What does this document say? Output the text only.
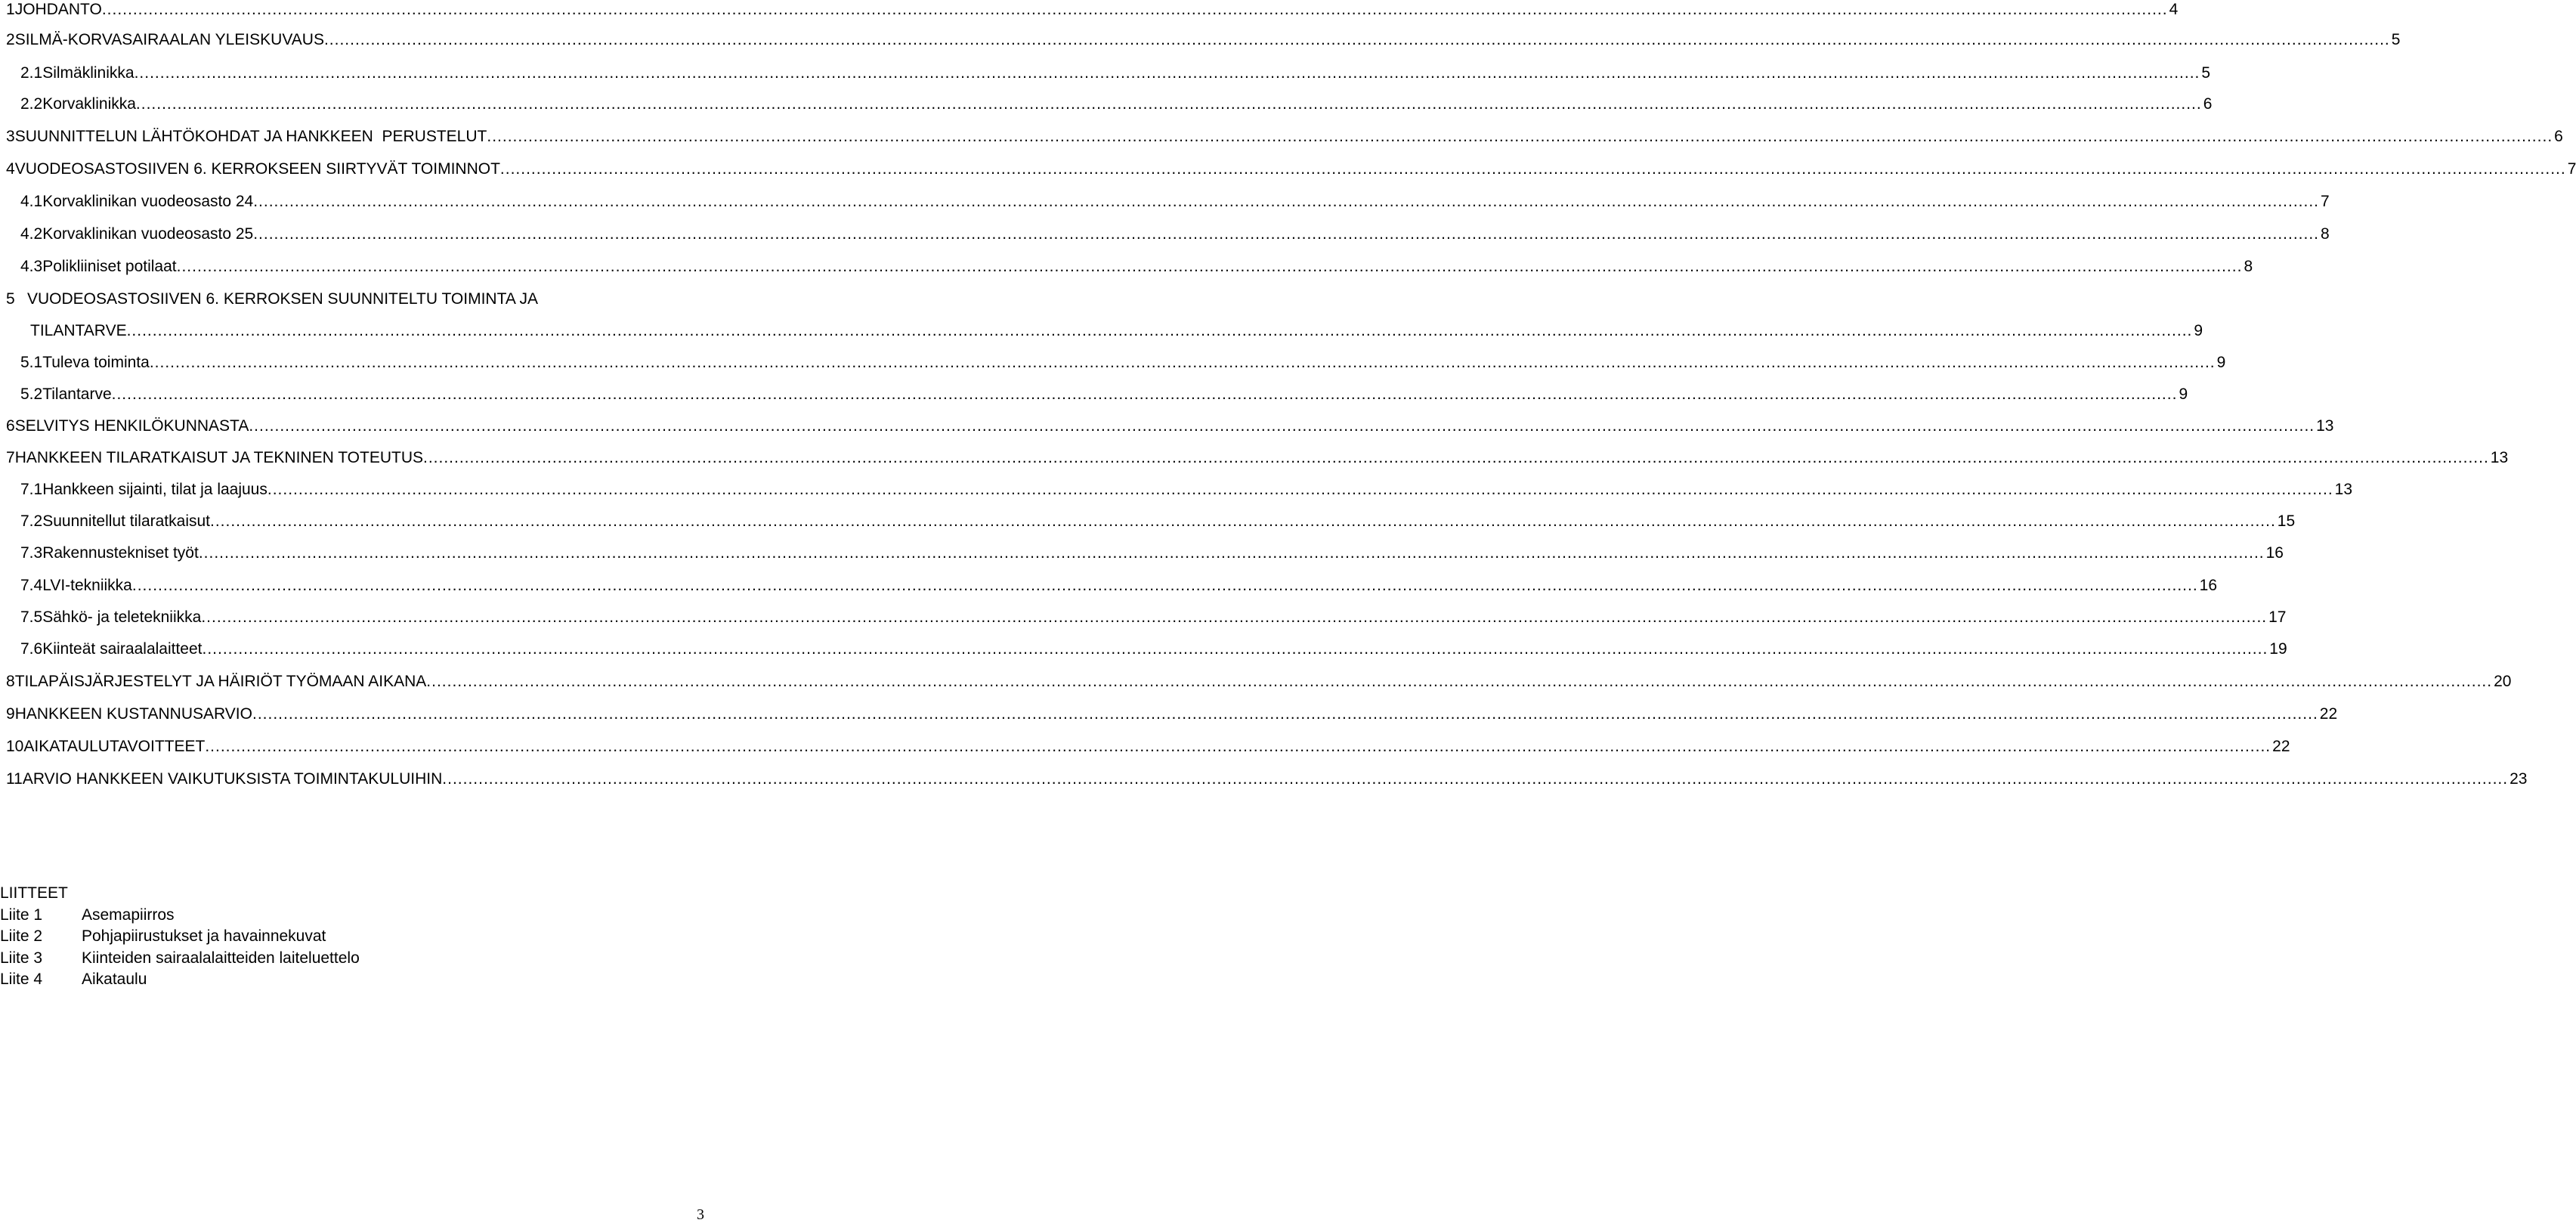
1 JOHDANTO ................................................................................................................................................................................................................................................................................................................................................................................................................ 4
2 SILMÄ-KORVASAIRAALAN YLEISKUVAUS ................................................................................................................................................................................................................................................................................................................................................................................................................ 5
2.1 Silmäklinikka ................................................................................................................................................................................................................................................................................................................................................................................................................ 5
2.2 Korvaklinikka ................................................................................................................................................................................................................................................................................................................................................................................................................ 6
3 SUUNNITTELUN LÄHTÖKOHDAT JA HANKKEEN  PERUSTELUT ................................................................................................................................................................................................................................................................................................................................................................................................................ 6
4 VUODEOSASTOSIIVEN 6. KERROKSEEN SIIRTYVÄT TOIMINNOT ................................................................................................................................................................................................................................................................................................................................................................................................................ 7
4.1 Korvaklinikan vuodeosasto 24 ................................................................................................................................................................................................................................................................................................................................................................................................................ 7
4.2 Korvaklinikan vuodeosasto 25 ................................................................................................................................................................................................................................................................................................................................................................................................................ 8
4.3 Polikliiniset potilaat ................................................................................................................................................................................................................................................................................................................................................................................................................ 8
5 VUODEOSASTOSIIVEN 6. KERROKSEN SUUNNITELTU TOIMINTA JA
TILANTARVE ................................................................................................................................................................................................................................................................................................................................................................................................................ 9
5.1 Tuleva toiminta ................................................................................................................................................................................................................................................................................................................................................................................................................ 9
5.2 Tilantarve ................................................................................................................................................................................................................................................................................................................................................................................................................ 9
6 SELVITYS HENKILÖKUNNASTA ................................................................................................................................................................................................................................................................................................................................................................................................................ 13
7 HANKKEEN TILARATKAISUT JA TEKNINEN TOTEUTUS ................................................................................................................................................................................................................................................................................................................................................................................................................ 13
7.1 Hankkeen sijainti, tilat ja laajuus ................................................................................................................................................................................................................................................................................................................................................................................................................ 13
7.2 Suunnitellut tilaratkaisut ................................................................................................................................................................................................................................................................................................................................................................................................................ 15
7.3 Rakennustekniset työt ................................................................................................................................................................................................................................................................................................................................................................................................................ 16
7.4 LVI-tekniikka ................................................................................................................................................................................................................................................................................................................................................................................................................ 16
7.5 Sähkö- ja teletekniikka ................................................................................................................................................................................................................................................................................................................................................................................................................ 17
7.6 Kiinteät sairaalalaitteet ................................................................................................................................................................................................................................................................................................................................................................................................................ 19
8 TILAPÄISJÄRJESTELYT JA HÄIRIÖT TYÖMAAN AIKANA ................................................................................................................................................................................................................................................................................................................................................................................................................ 20
9 HANKKEEN KUSTANNUSARVIO ................................................................................................................................................................................................................................................................................................................................................................................................................ 22
10 AIKATAULUTAVOITTEET ................................................................................................................................................................................................................................................................................................................................................................................................................ 22
11 ARVIO HANKKEEN VAIKUTUKSISTA TOIMINTAKULUIHIN ................................................................................................................................................................................................................................................................................................................................................................................................................ 23
LIITTEET
Liite 1 Asemapiirros
Liite 2 Pohjapiirustukset ja havainnekuvat
Liite 3 Kiinteiden sairaalalaitteiden laiteluettelo
Liite 4 Aikataulu
3
